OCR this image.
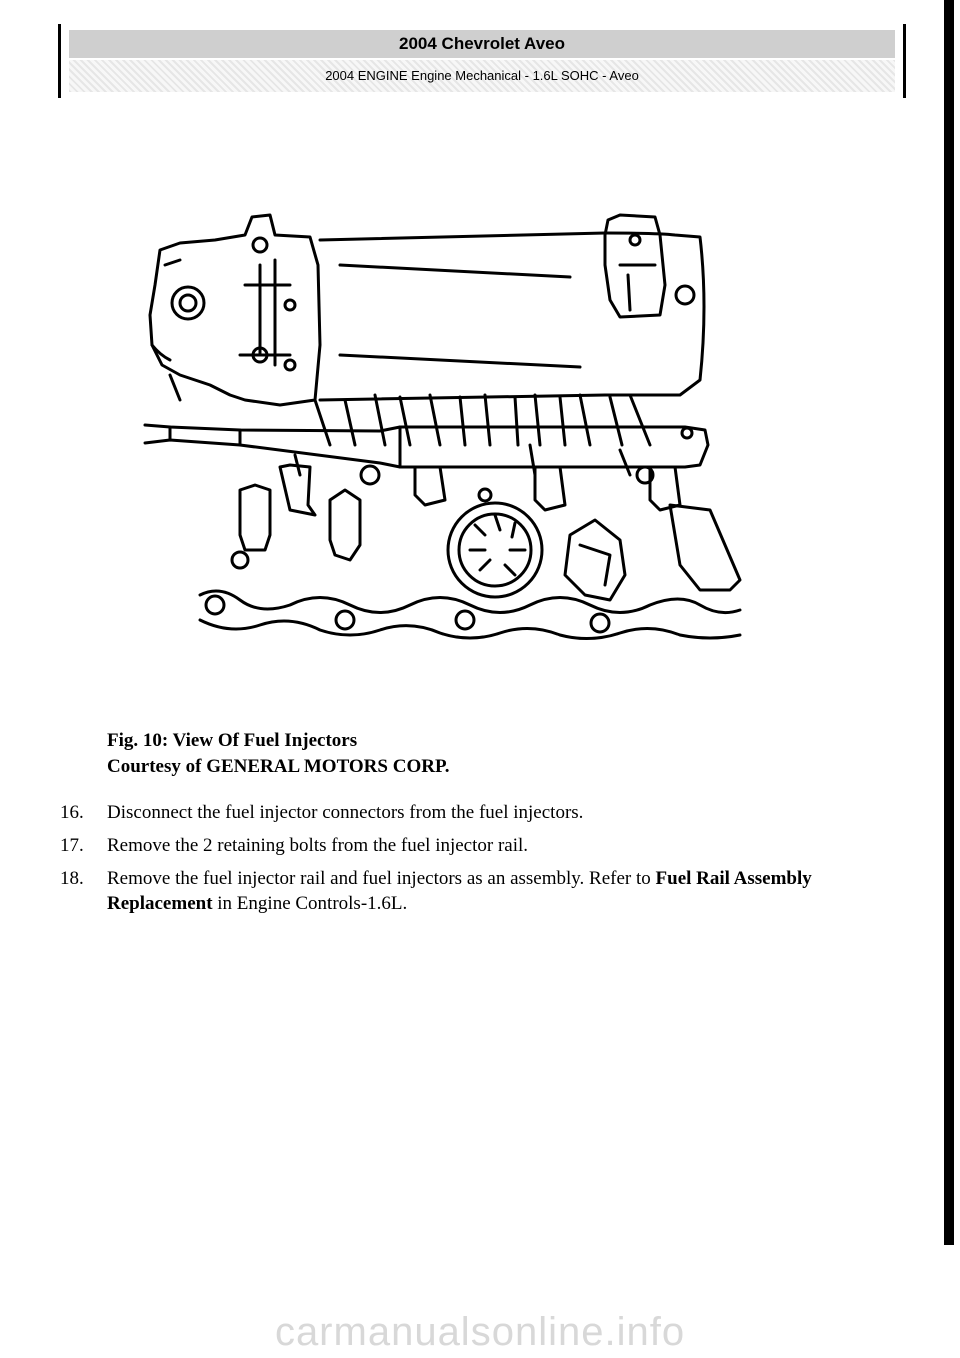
2004 Chevrolet Aveo
2004 ENGINE Engine Mechanical - 1.6L SOHC - Aveo
Fig. 10: View Of Fuel Injectors
Courtesy of GENERAL MOTORS CORP.
16. Disconnect the fuel injector connectors from the fuel injectors.
17. Remove the 2 retaining bolts from the fuel injector rail.
18. Remove the fuel injector rail and fuel injectors as an assembly. Refer to Fuel Rail Assembly Replacement in Engine Controls-1.6L.
carmanualsonline.info
